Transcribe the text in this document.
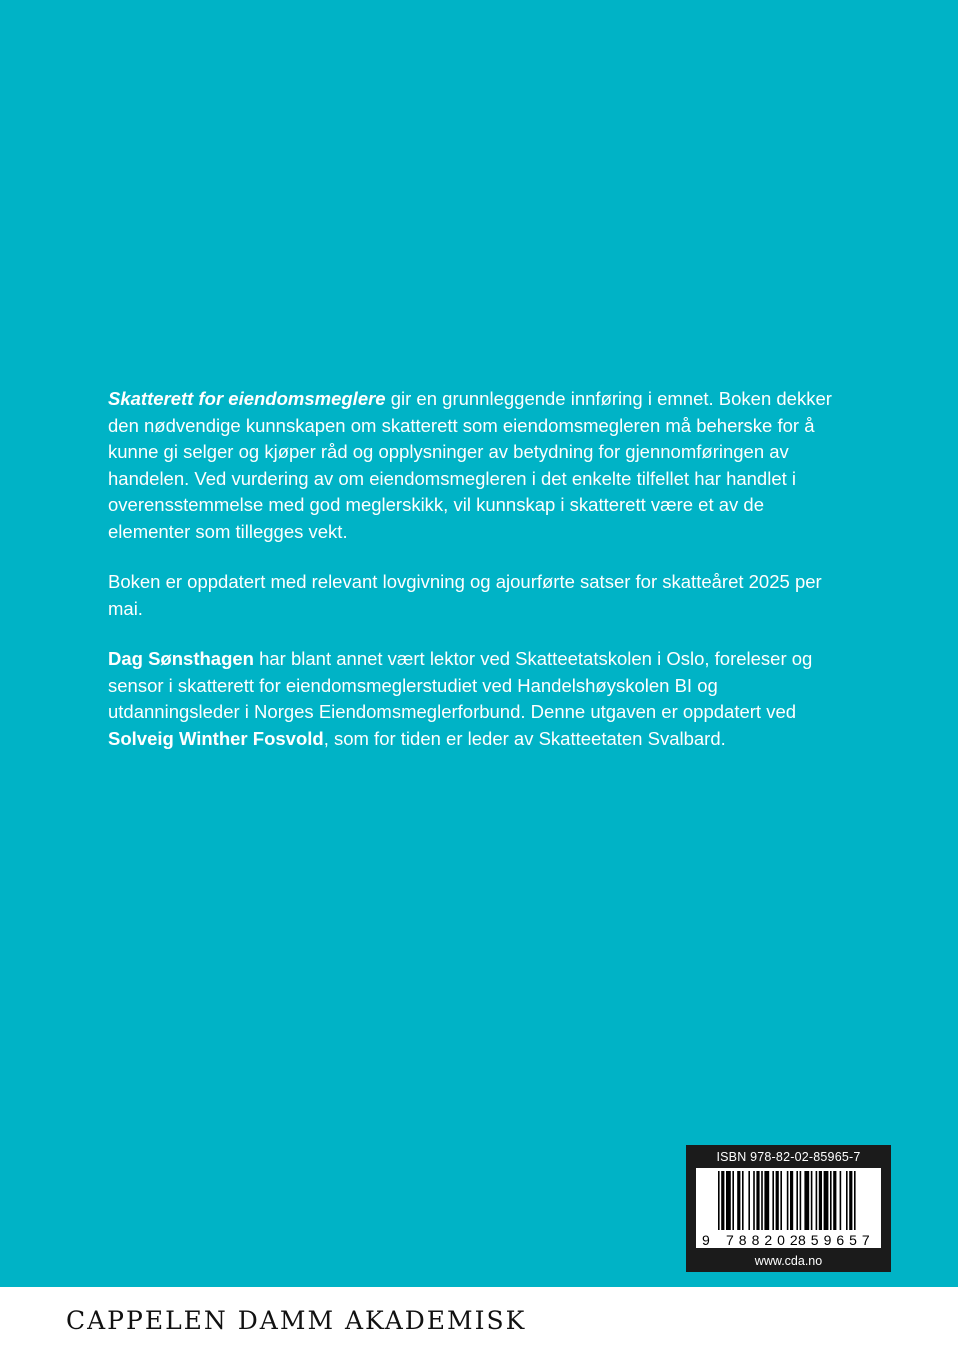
Skatterett for eiendomsmeglere gir en grunnleggende innføring i emnet. Boken dekker den nødvendige kunnskapen om skatterett som eiendomsmegleren må beherske for å kunne gi selger og kjøper råd og opplysninger av betydning for gjennomføringen av handelen. Ved vurdering av om eiendomsmegleren i det enkelte tilfellet har handlet i overensstemmelse med god meglerskikk, vil kunnskap i skatterett være et av de elementer som tillegges vekt.

Boken er oppdatert med relevant lovgivning og ajourførte satser for skatteåret 2025 per mai.

Dag Sønsthagen har blant annet vært lektor ved Skatteetatskolen i Oslo, foreleser og sensor i skatterett for eiendomsmeglerstudiet ved Handelshøyskolen BI og utdanningsleder i Norges Eiendomsmeglerforbund. Denne utgaven er oppdatert ved Solveig Winther Fosvold, som for tiden er leder av Skatteetaten Svalbard.

ISBN 978-82-02-85965-7
9 788202
859657
www.cda.no
CAPPELEN DAMM AKADEMISK
